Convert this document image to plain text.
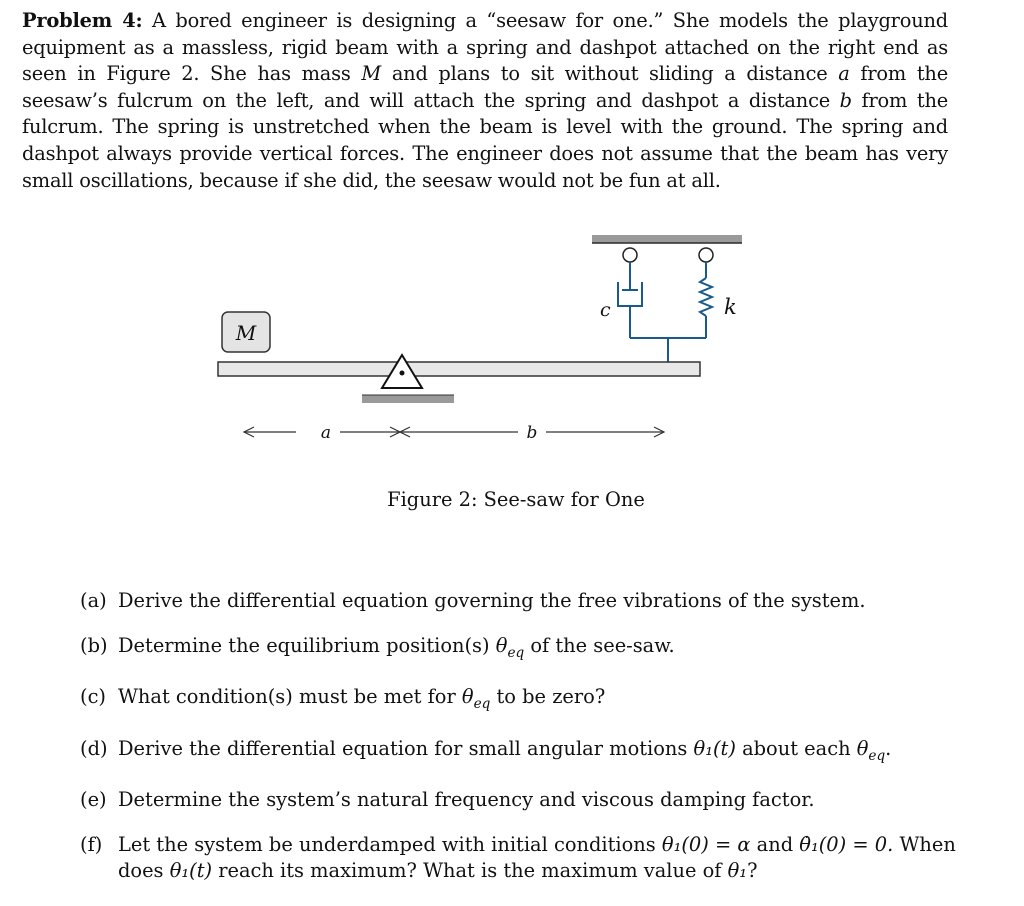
Problem 4: A bored engineer is designing a “seesaw for one.” She models the playground equipment as a massless, rigid beam with a spring and dashpot attached on the right end as seen in Figure 2. She has mass M and plans to sit without sliding a distance a from the seesaw’s fulcrum on the left, and will attach the spring and dashpot a distance b from the fulcrum. The spring is unstretched when the beam is level with the ground. The spring and dashpot always provide vertical forces. The engineer does not assume that the beam has very small oscillations, because if she did, the seesaw would not be fun at all.
c	k
M
a	b
Figure 2: See-saw for One
(a) Derive the differential equation governing the free vibrations of the system.
(b) Determine the equilibrium position(s) $\theta_{eq}$ of the see-saw.
(c) What condition(s) must be met for $\theta_{eq}$ to be zero?
(d) Derive the differential equation for small angular motions θ₁(t) about each $\theta_{eq}$.
(e) Determine the system’s natural frequency and viscous damping factor.
(f) Let the system be underdamped with initial conditions θ₁(0) = α and θ̇₁(0) = 0. When does θ₁(t) reach its maximum? What is the maximum value of θ₁?
